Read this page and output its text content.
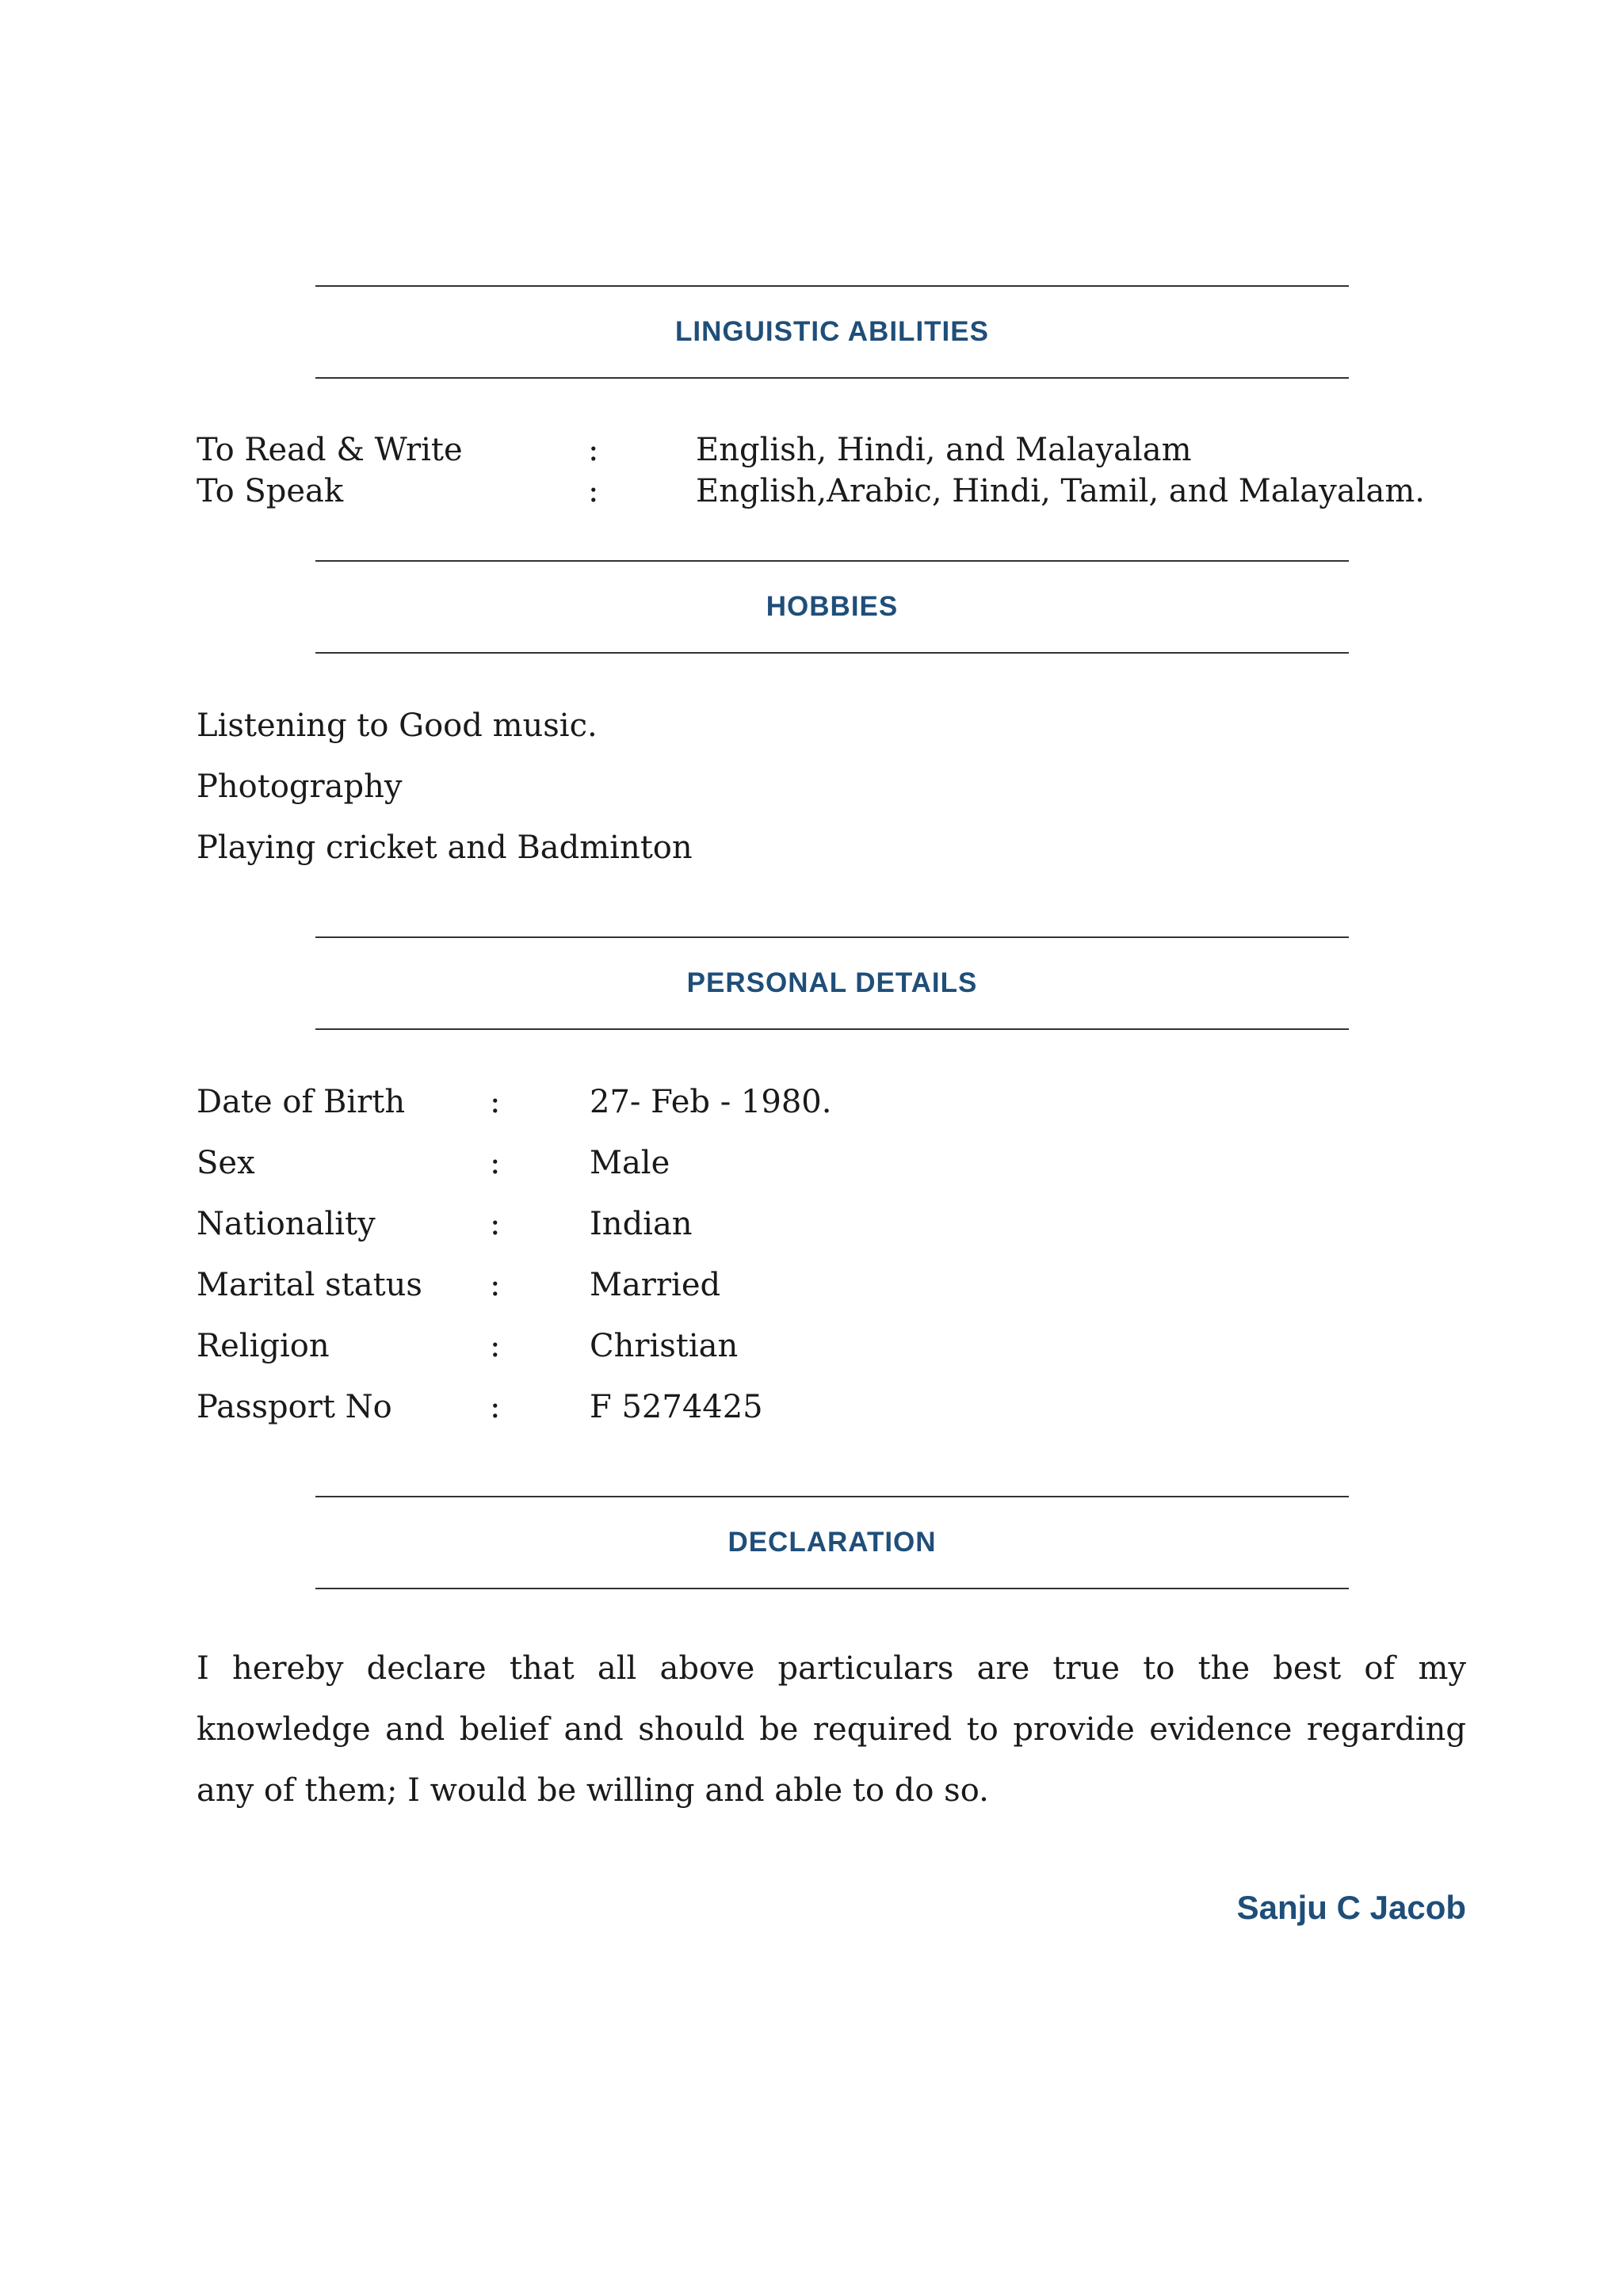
LINGUISTIC ABILITIES
To Read & Write	:	English, Hindi, and Malayalam
To Speak	:	English,Arabic, Hindi, Tamil, and Malayalam.
HOBBIES
Listening to Good music.
Photography
Playing cricket and Badminton
PERSONAL DETAILS
Date of Birth	:	27- Feb - 1980.
Sex	:	Male
Nationality	:	Indian
Marital status :	Married
Religion	:	Christian
Passport No	:	F 5274425
DECLARATION
I hereby declare that all above particulars are true to the best of my knowledge and belief and should be required to provide evidence regarding any of them; I would be willing and able to do so.
Sanju C Jacob
